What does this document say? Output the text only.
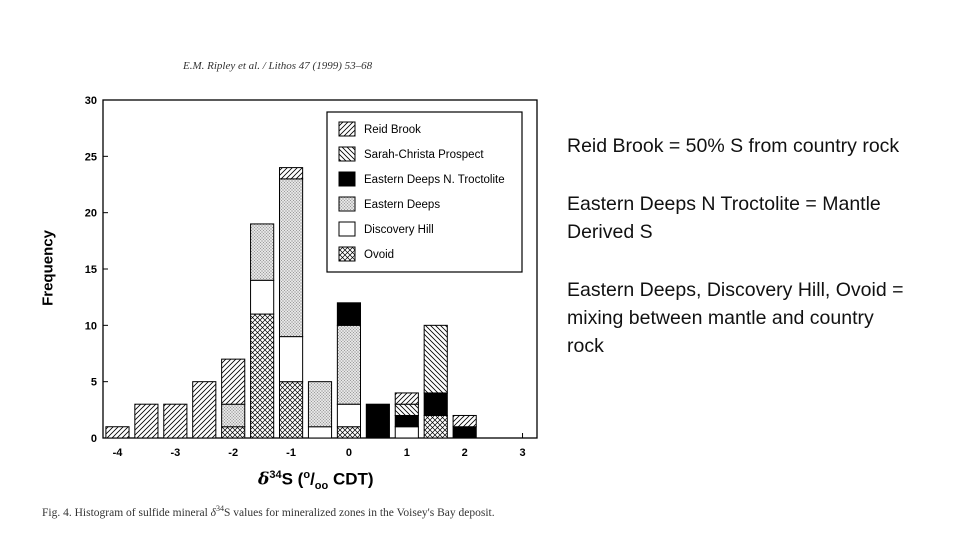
E.M. Ripley et al. / Lithos 47 (1999) 53–68
Frequency
0
5
10
15
20
25
30
-4	-3	-2	-1	0	1	2	3
Reid Brook
Sarah-Christa Prospect
Eastern Deeps N. Troctolite
Eastern Deeps
Discovery Hill
Ovoid
$\delta^{34}S$ ($^o/_{oo}$ CDT)
Fig. 4. Histogram of sulfide mineral $\delta^{34}S$ values for mineralized zones in the Voisey's Bay deposit.

Reid Brook = 50% S from country rock

Eastern Deeps N Troctolite = Mantle Derived S

Eastern Deeps, Discovery Hill, Ovoid = mixing between mantle and country rock
